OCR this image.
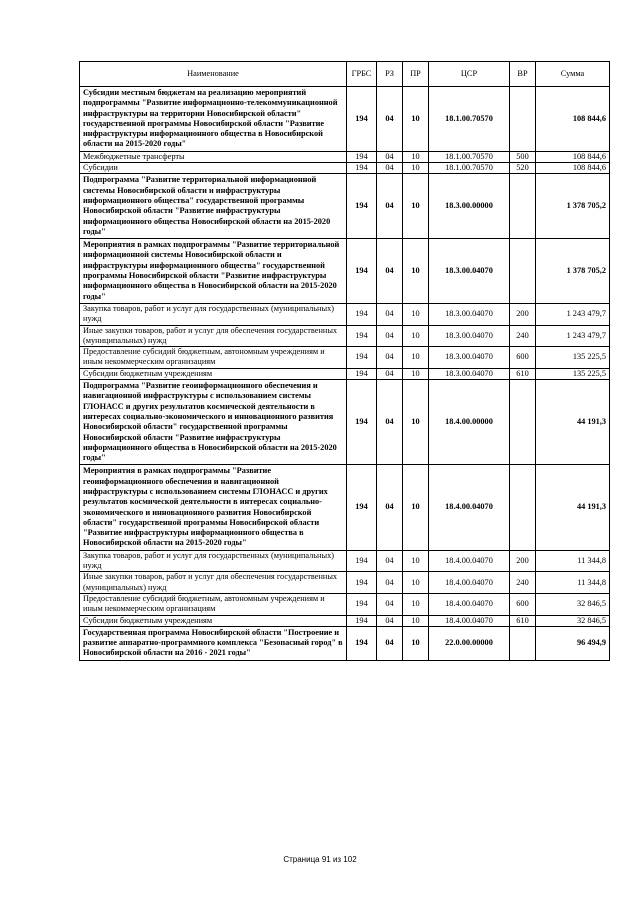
Наименование	ГРБС	РЗ	ПР	ЦСР	ВР	Сумма
Субсидии местным бюджетам на реализацию мероприятий подпрограммы "Развитие информационно-телекоммуникационной инфраструктуры на территории Новосибирской области" государственной программы Новосибирской области "Развитие инфраструктуры информационного общества в Новосибирской области на 2015-2020 годы"	194	04	10	18.1.00.70570		108 844,6
Межбюджетные трансферты	194	04	10	18.1.00.70570	500	108 844,6
Субсидии	194	04	10	18.1.00.70570	520	108 844,6
Подпрограмма "Развитие территориальной информационной системы Новосибирской области и инфраструктуры информационного общества" государственной программы Новосибирской области "Развитие инфраструктуры информационного общества Новосибирской области на 2015-2020 годы"	194	04	10	18.3.00.00000		1 378 705,2
Мероприятия в рамках подпрограммы "Развитие территориальной информационной системы Новосибирской области и инфраструктуры информационного общества" государственной программы Новосибирской области "Развитие инфраструктуры информационного общества в Новосибирской области на 2015-2020 годы"	194	04	10	18.3.00.04070		1 378 705,2
Закупка товаров, работ и услуг для государственных (муниципальных) нужд	194	04	10	18.3.00.04070	200	1 243 479,7
Иные закупки товаров, работ и услуг для обеспечения государственных (муниципальных) нужд	194	04	10	18.3.00.04070	240	1 243 479,7
Предоставление субсидий бюджетным, автономным учреждениям и иным некоммерческим организациям	194	04	10	18.3.00.04070	600	135 225,5
Субсидии бюджетным учреждениям	194	04	10	18.3.00.04070	610	135 225,5
Подпрограмма "Развитие геоинформационного обеспечения и навигационной инфраструктуры с использованием системы ГЛОНАСС и других результатов космической деятельности в интересах социально-экономического и инновационного развития Новосибирской области" государственной программы Новосибирской области "Развитие инфраструктуры информационного общества в Новосибирской области на 2015-2020 годы"	194	04	10	18.4.00.00000		44 191,3
Мероприятия в рамках подпрограммы "Развитие геоинформационного обеспечения и навигационной инфраструктуры с использованием системы ГЛОНАСС и других результатов космической деятельности в интересах социально-экономического и инновационного развития Новосибирской области" государственной программы Новосибирской области "Развитие инфраструктуры информационного общества в Новосибирской области на 2015-2020 годы"	194	04	10	18.4.00.04070		44 191,3
Закупка товаров, работ и услуг для государственных (муниципальных) нужд	194	04	10	18.4.00.04070	200	11 344,8
Иные закупки товаров, работ и услуг для обеспечения государственных (муниципальных) нужд	194	04	10	18.4.00.04070	240	11 344,8
Предоставление субсидий бюджетным, автономным учреждениям и иным некоммерческим организациям	194	04	10	18.4.00.04070	600	32 846,5
Субсидии бюджетным учреждениям	194	04	10	18.4.00.04070	610	32 846,5
Государственная программа Новосибирской области "Построение и развитие аппаратно-программного комплекса "Безопасный город" в Новосибирской области на 2016 - 2021 годы"	194	04	10	22.0.00.00000		96 494,9
Страница 91 из 102
